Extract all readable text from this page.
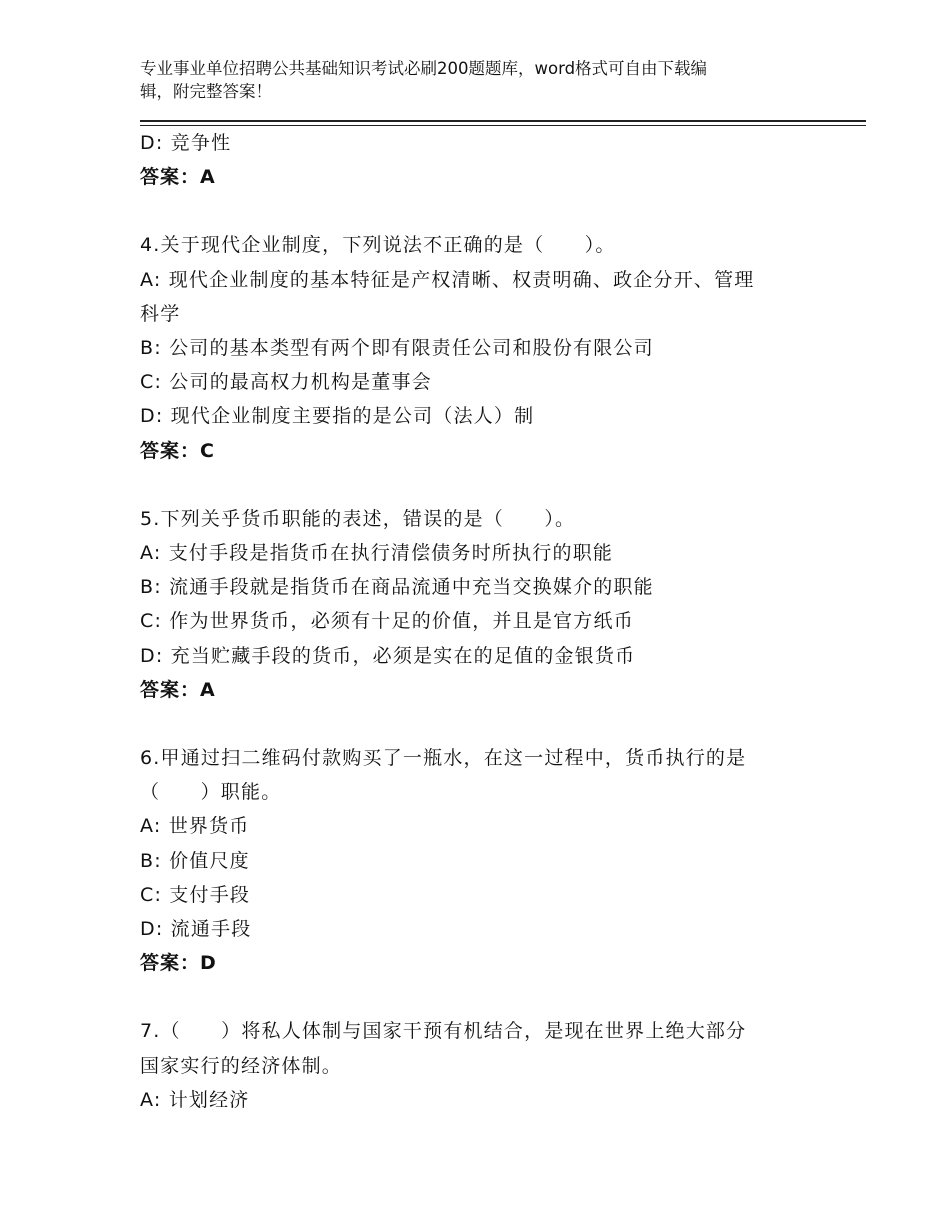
专业事业单位招聘公共基础知识考试必刷200题题库，word格式可自由下载编
辑，附完整答案！
D: 竞争性
答案：A
4.关于现代企业制度，下列说法不正确的是（　　）。
A: 现代企业制度的基本特征是产权清晰、权责明确、政企分开、管理
科学
B: 公司的基本类型有两个即有限责任公司和股份有限公司
C: 公司的最高权力机构是董事会
D: 现代企业制度主要指的是公司（法人）制
答案：C
5.下列关乎货币职能的表述，错误的是（　　）。
A: 支付手段是指货币在执行清偿债务时所执行的职能
B: 流通手段就是指货币在商品流通中充当交换媒介的职能
C: 作为世界货币，必须有十足的价值，并且是官方纸币
D: 充当贮藏手段的货币，必须是实在的足值的金银货币
答案：A
6.甲通过扫二维码付款购买了一瓶水，在这一过程中，货币执行的是
（　　）职能。
A: 世界货币
B: 价值尺度
C: 支付手段
D: 流通手段
答案：D
7.（　　）将私人体制与国家干预有机结合，是现在世界上绝大部分
国家实行的经济体制。
A: 计划经济
